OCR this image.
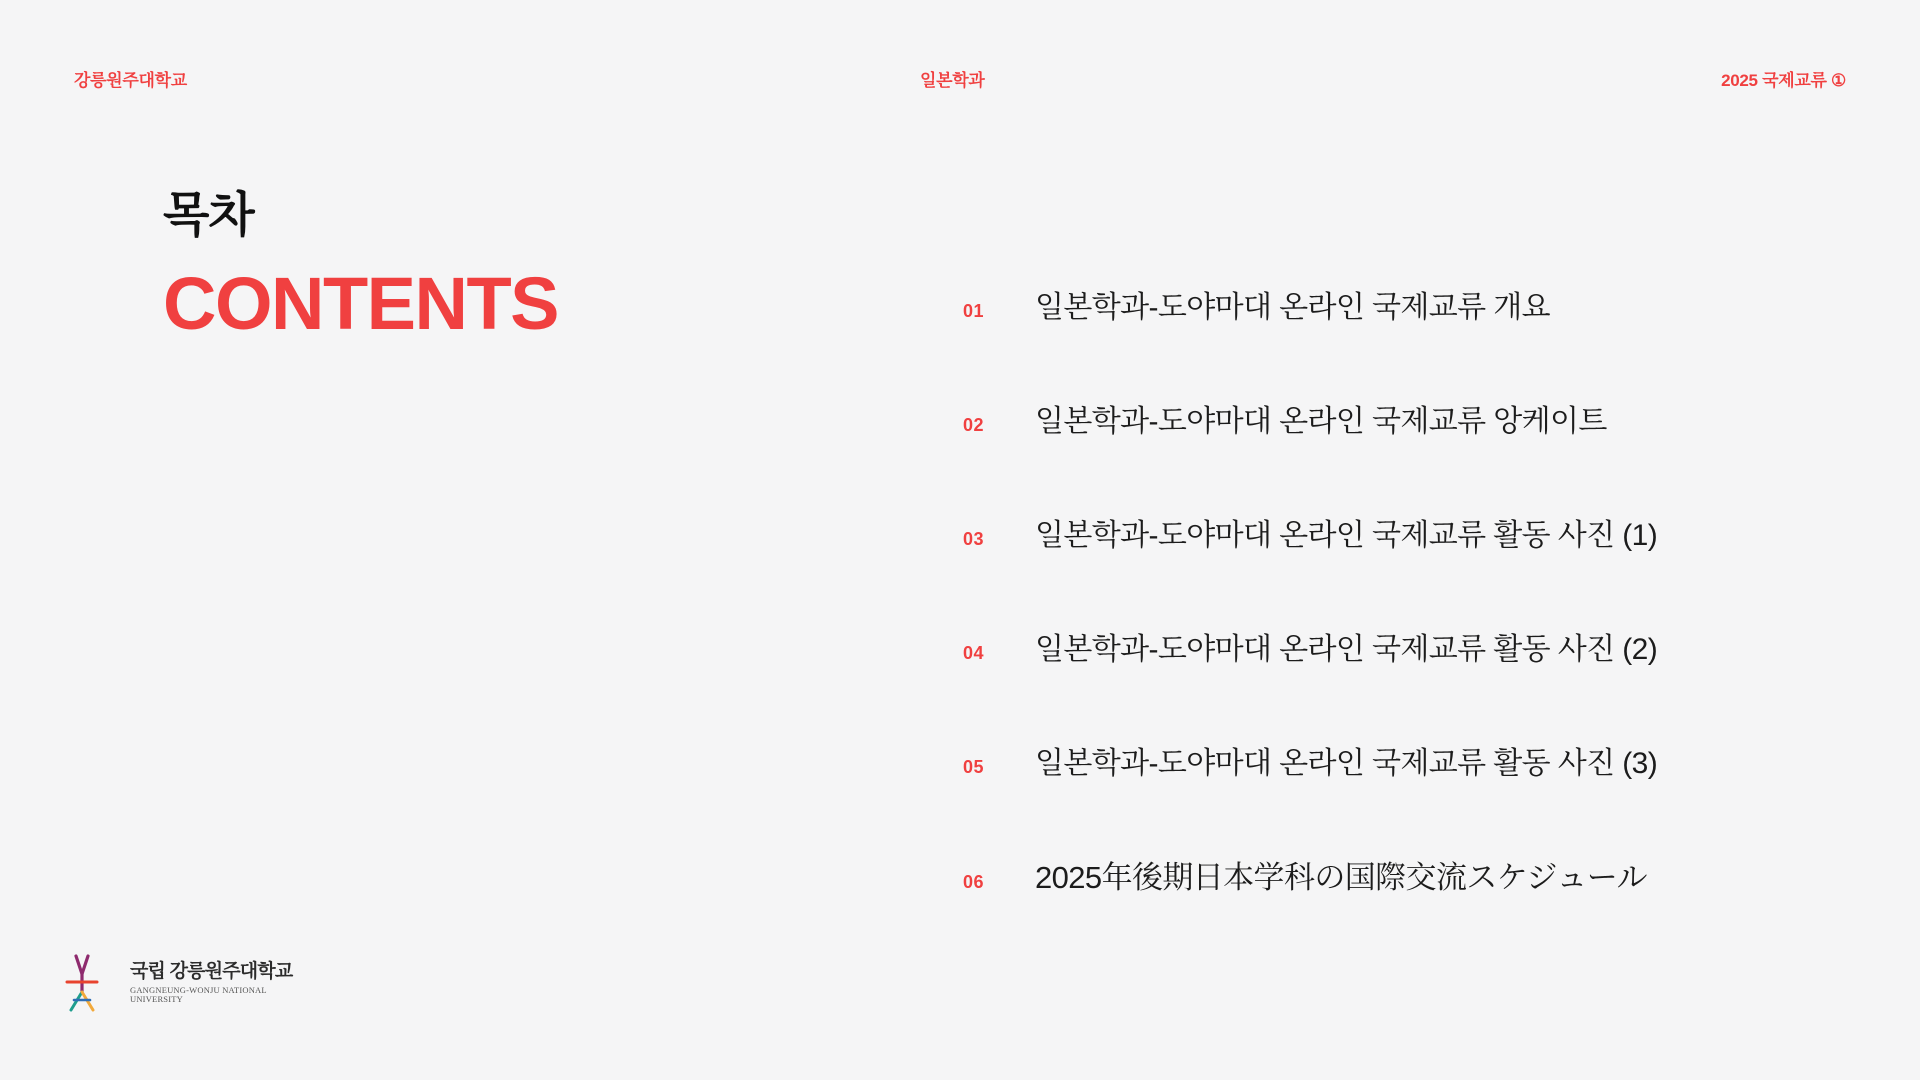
강릉원주대학교	일본학과	2025 국제교류 ①
목차
CONTENTS	01	일본학과-도야마대 온라인 국제교류 개요
02	일본학과-도야마대 온라인 국제교류 앙케이트
03	일본학과-도야마대 온라인 국제교류 활동 사진 (1)
04	일본학과-도야마대 온라인 국제교류 활동 사진 (2)
05	일본학과-도야마대 온라인 국제교류 활동 사진 (3)
06	2025年後期日本学科の国際交流スケジュール
국립 강릉원주대학교
GANGNEUNG-WONJU NATIONAL UNIVERSITY
